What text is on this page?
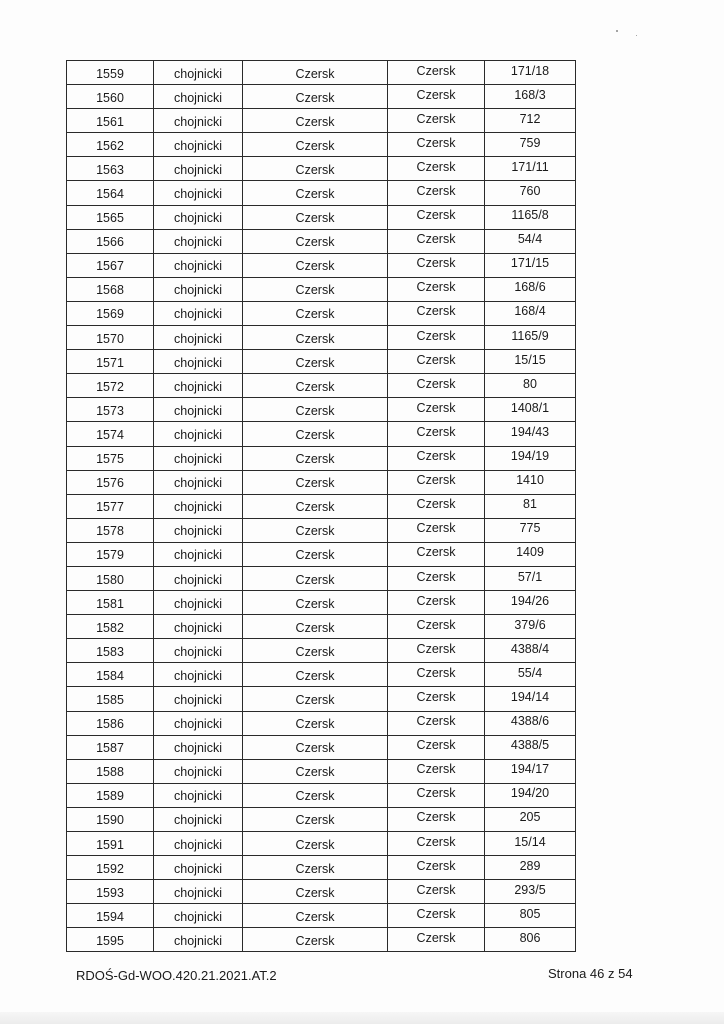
1559	chojnicki	Czersk	Czersk	171/18
1560	chojnicki	Czersk	Czersk	168/3
1561	chojnicki	Czersk	Czersk	712
1562	chojnicki	Czersk	Czersk	759
1563	chojnicki	Czersk	Czersk	171/11
1564	chojnicki	Czersk	Czersk	760
1565	chojnicki	Czersk	Czersk	1165/8
1566	chojnicki	Czersk	Czersk	54/4
1567	chojnicki	Czersk	Czersk	171/15
1568	chojnicki	Czersk	Czersk	168/6
1569	chojnicki	Czersk	Czersk	168/4
1570	chojnicki	Czersk	Czersk	1165/9
1571	chojnicki	Czersk	Czersk	15/15
1572	chojnicki	Czersk	Czersk	80
1573	chojnicki	Czersk	Czersk	1408/1
1574	chojnicki	Czersk	Czersk	194/43
1575	chojnicki	Czersk	Czersk	194/19
1576	chojnicki	Czersk	Czersk	1410
1577	chojnicki	Czersk	Czersk	81
1578	chojnicki	Czersk	Czersk	775
1579	chojnicki	Czersk	Czersk	1409
1580	chojnicki	Czersk	Czersk	57/1
1581	chojnicki	Czersk	Czersk	194/26
1582	chojnicki	Czersk	Czersk	379/6
1583	chojnicki	Czersk	Czersk	4388/4
1584	chojnicki	Czersk	Czersk	55/4
1585	chojnicki	Czersk	Czersk	194/14
1586	chojnicki	Czersk	Czersk	4388/6
1587	chojnicki	Czersk	Czersk	4388/5
1588	chojnicki	Czersk	Czersk	194/17
1589	chojnicki	Czersk	Czersk	194/20
1590	chojnicki	Czersk	Czersk	205
1591	chojnicki	Czersk	Czersk	15/14
1592	chojnicki	Czersk	Czersk	289
1593	chojnicki	Czersk	Czersk	293/5
1594	chojnicki	Czersk	Czersk	805
1595	chojnicki	Czersk	Czersk	806
RDOŚ-Gd-WOO.420.21.2021.AT.2	Strona 46 z 54
